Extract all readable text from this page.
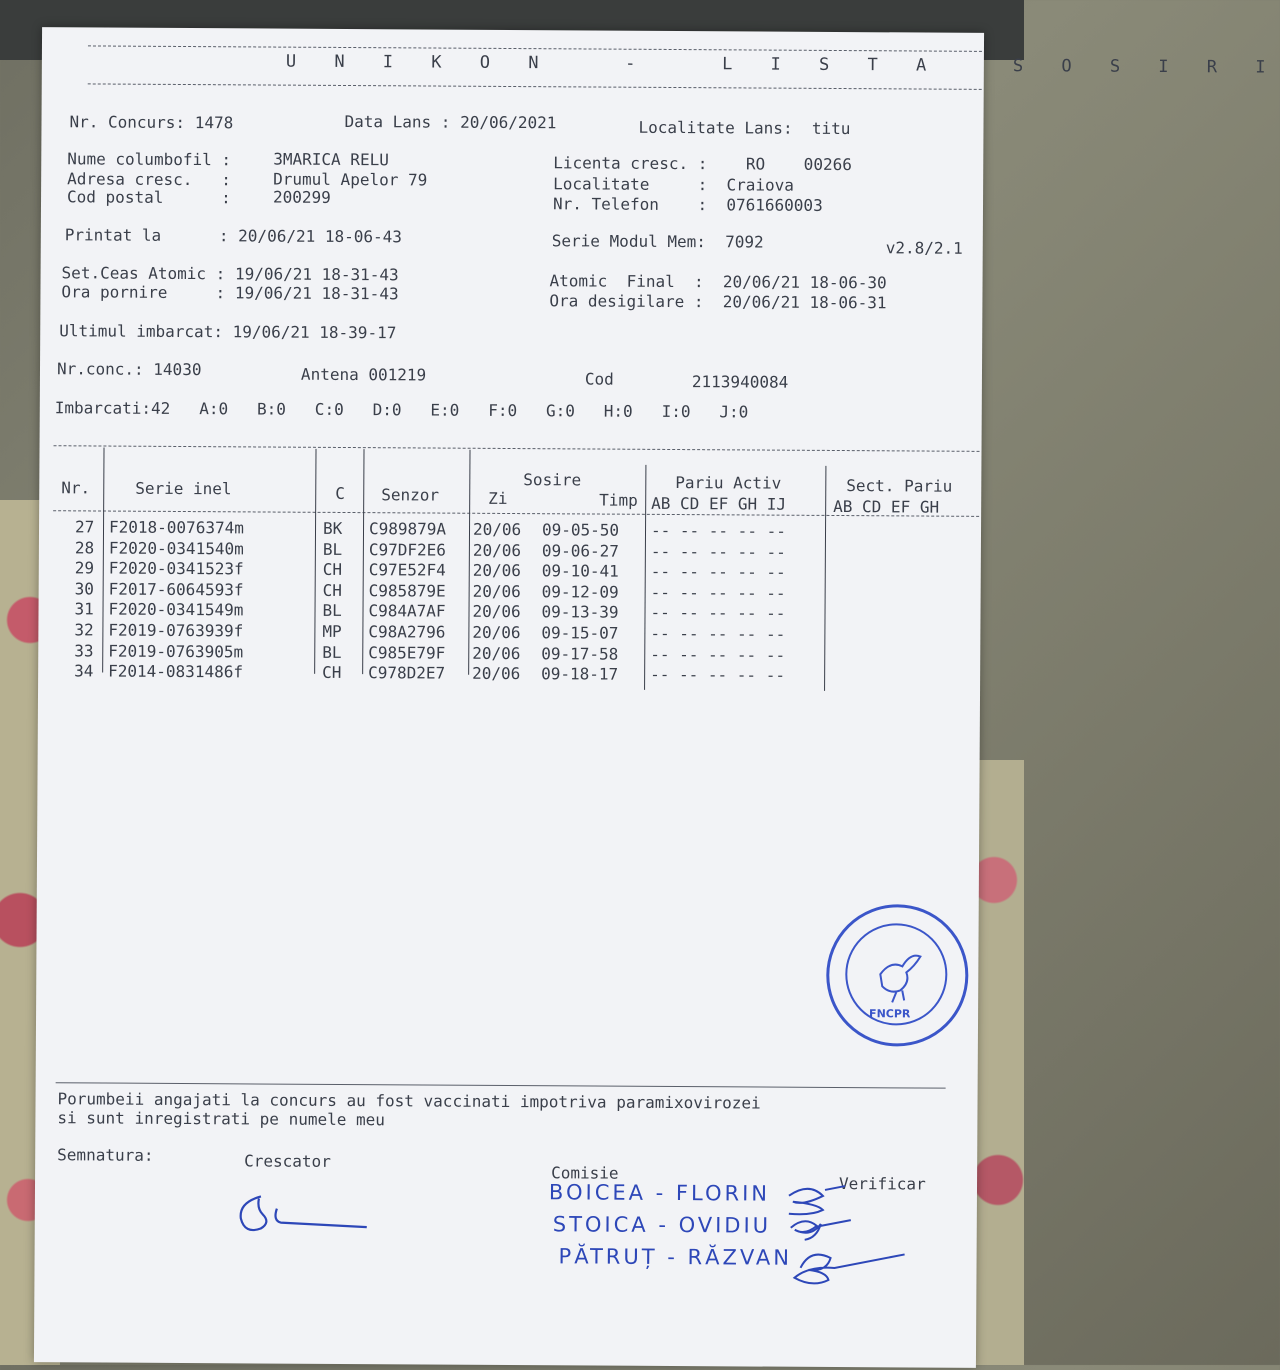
U N I K O N   -   L I S T A   S O S I R I
Nr. Concurs: 1478	Data Lans : 20/06/2021	Localitate Lans:  titu
Nume columbofil :	3MARICA RELU
Adresa cresc.   :	Drumul Apelor 79
Cod postal      :	200299
Licenta cresc. :    RO    00266
Localitate     :  Craiova
Nr. Telefon    :  0761660003
Printat la      : 20/06/21 18-06-43	Serie Modul Mem:  7092	v2.8/2.1
Set.Ceas Atomic : 19/06/21 18-31-43
Ora pornire     : 19/06/21 18-31-43
Atomic  Final  :  20/06/21 18-06-30
Ora desigilare :  20/06/21 18-06-31
Ultimul imbarcat: 19/06/21 18-39-17
Nr.conc.: 14030	Antena 001219	Cod	2113940084
Imbarcati:42   A:0   B:0   C:0   D:0   E:0   F:0   G:0   H:0   I:0   J:0
Nr.	Serie inel	C Senzor
Sosire
Zi	Timp
Pariu Activ
AB CD EF GH IJ
Sect. Pariu
AB CD EF GH
27 F2018-0076374m	BK C989879A 20/06 09-05-50 -- -- -- -- --
28 F2020-0341540m	BL C97DF2E6 20/06 09-06-27 -- -- -- -- --
29 F2020-0341523f	CH C97E52F4 20/06 09-10-41 -- -- -- -- --
30 F2017-6064593f	CH C985879E 20/06 09-12-09 -- -- -- -- --
31 F2020-0341549m	BL C984A7AF 20/06 09-13-39 -- -- -- -- --
32 F2019-0763939f	MP C98A2796 20/06 09-15-07 -- -- -- -- --
33 F2019-0763905m	BL C985E79F 20/06 09-17-58 -- -- -- -- --
34 F2014-0831486f	CH C978D2E7 20/06 09-18-17 -- -- -- -- --
FNCPR
Porumbeii angajati la concurs au fost vaccinati impotriva paramixovirozei
si sunt inregistrati pe numele meu
Semnatura:	Crescator
Comisie
Verificar
BOICEA - FLORIN
STOICA - OVIDIU
PĂTRUȚ - RĂZVAN
